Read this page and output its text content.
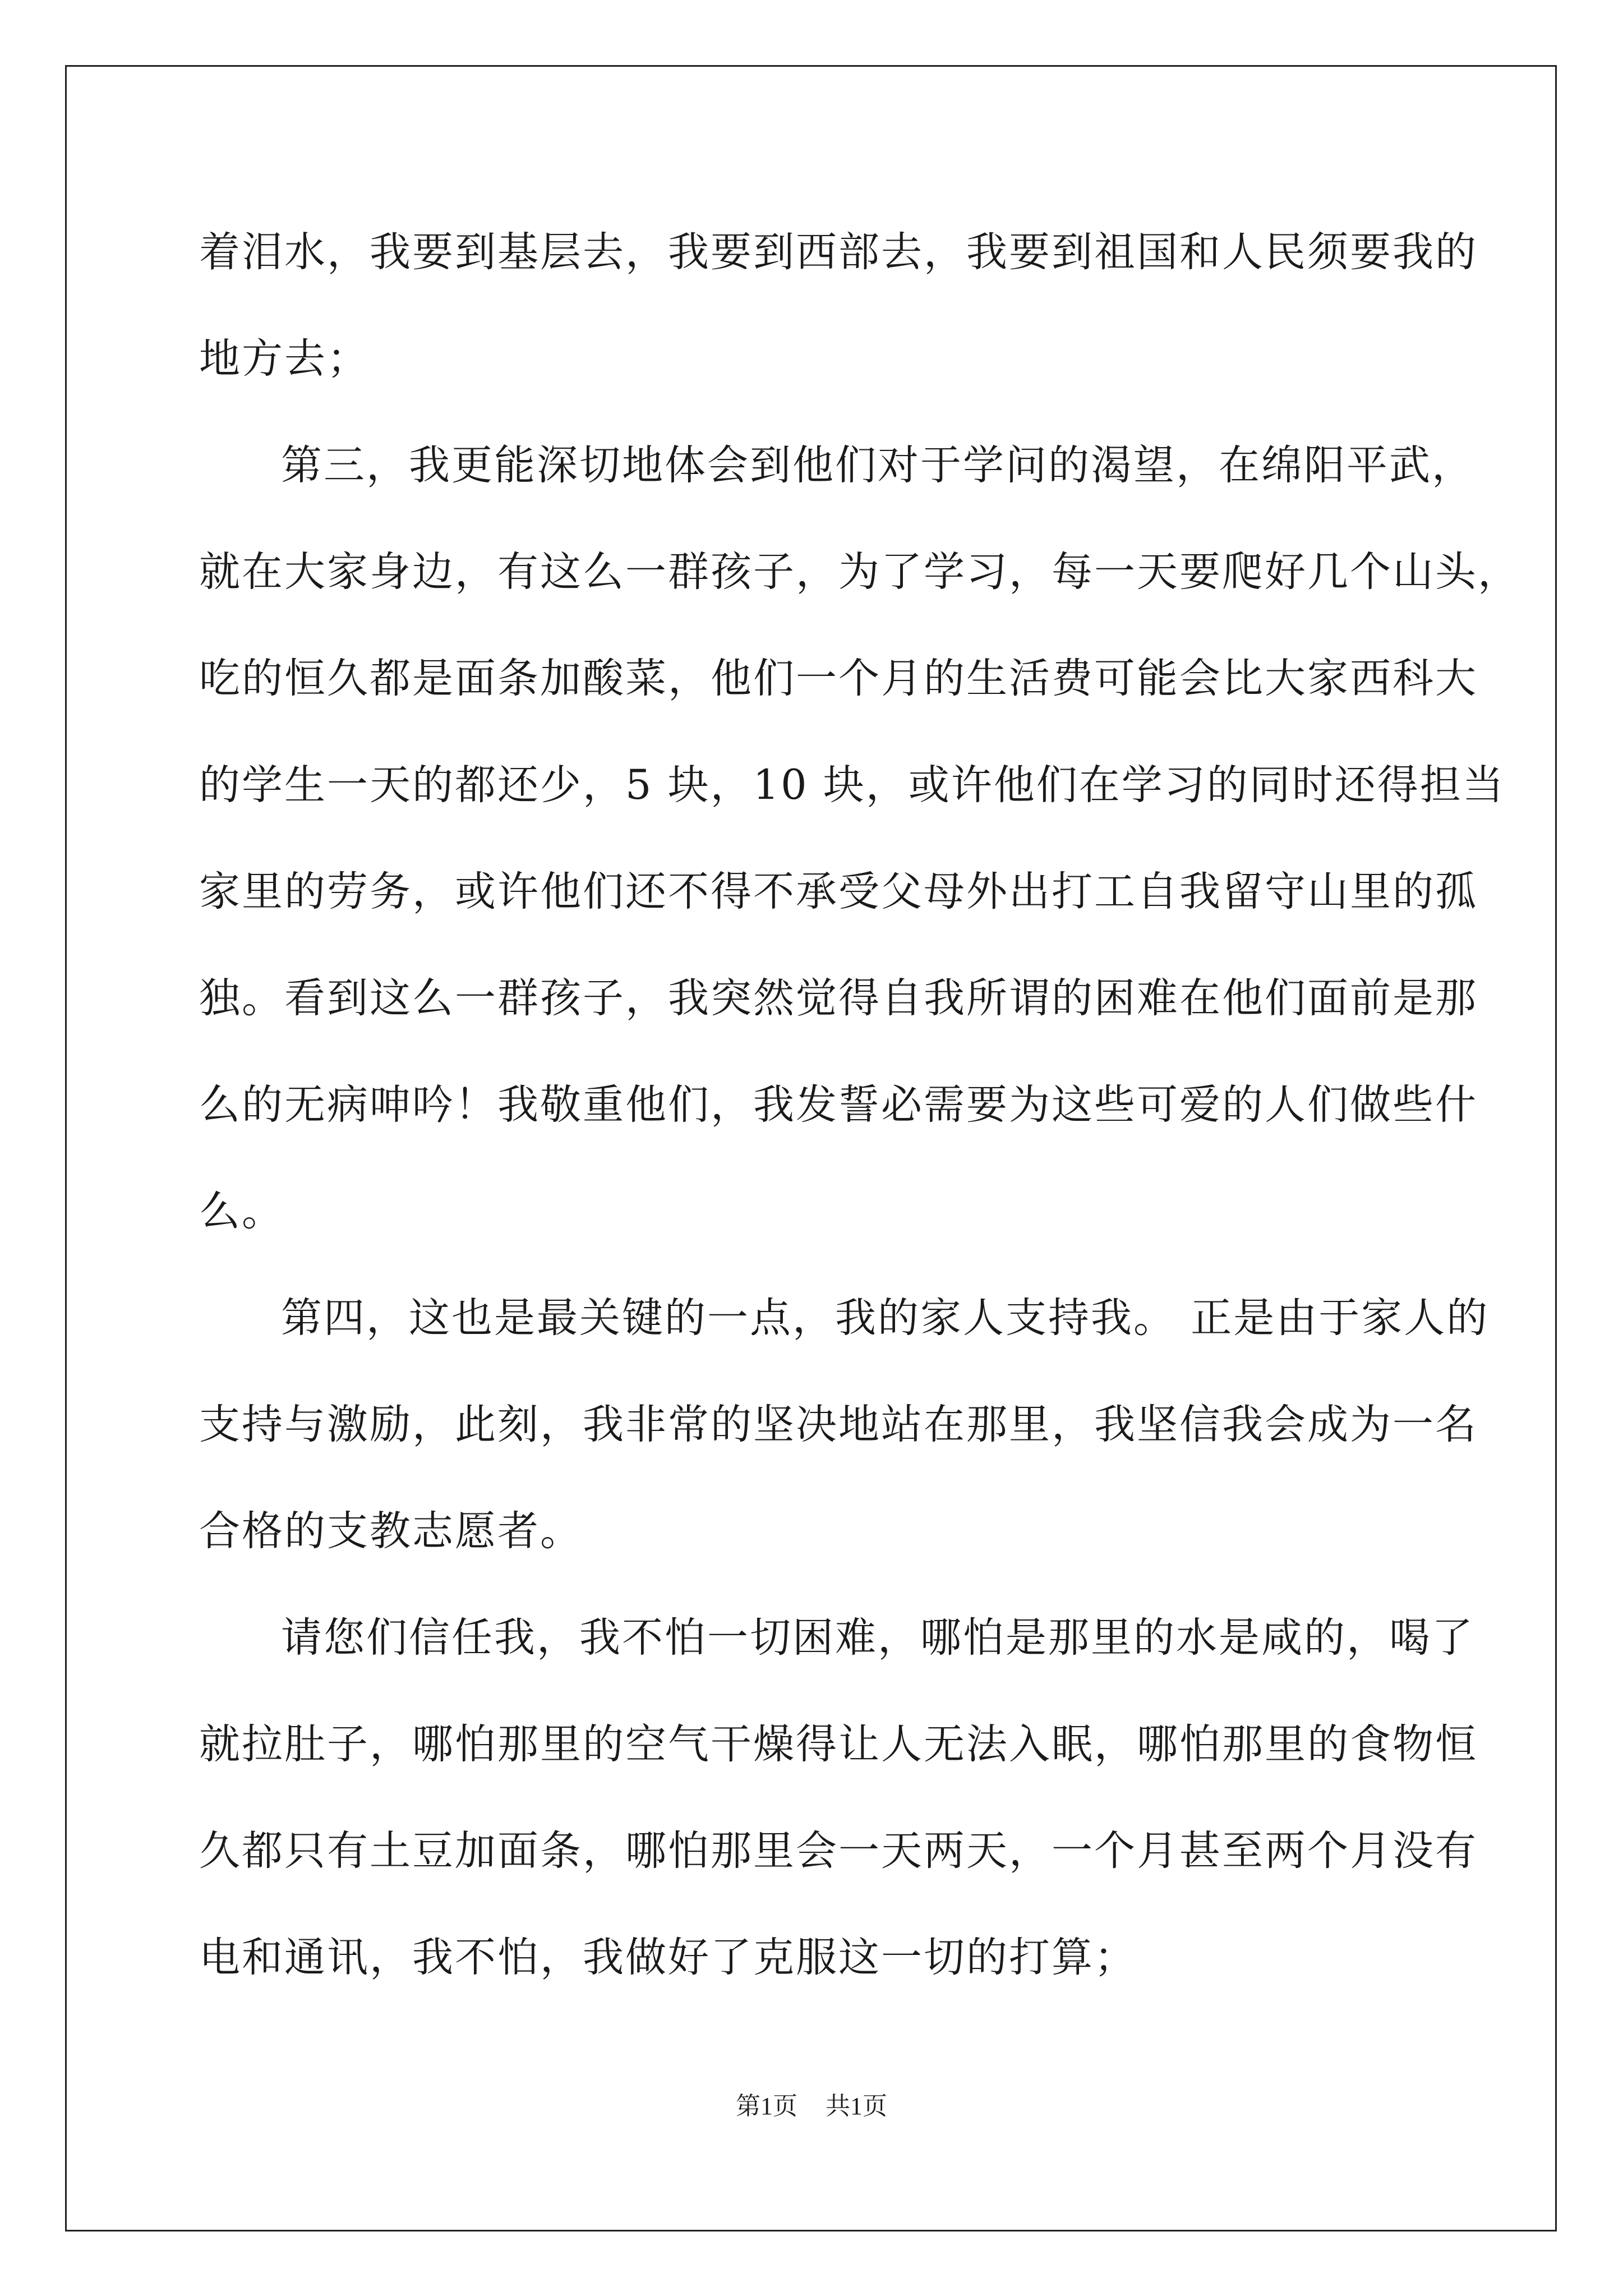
着泪水，我要到基层去，我要到西部去，我要到祖国和人民须要我的
地方去；
第三，我更能深切地体会到他们对于学问的渴望，在绵阳平武，
就在大家身边，有这么一群孩子，为了学习，每一天要爬好几个山头，
吃的恒久都是面条加酸菜，他们一个月的生活费可能会比大家西科大
的学生一天的都还少，5 块，10 块，或许他们在学习的同时还得担当
家里的劳务，或许他们还不得不承受父母外出打工自我留守山里的孤
独。看到这么一群孩子，我突然觉得自我所谓的困难在他们面前是那
么的无病呻吟！我敬重他们，我发誓必需要为这些可爱的人们做些什
么。
第四，这也是最关键的一点，我的家人支持我。 正是由于家人的
支持与激励，此刻，我非常的坚决地站在那里，我坚信我会成为一名
合格的支教志愿者。
请您们信任我，我不怕一切困难，哪怕是那里的水是咸的，喝了
就拉肚子，哪怕那里的空气干燥得让人无法入眠，哪怕那里的食物恒
久都只有土豆加面条，哪怕那里会一天两天，一个月甚至两个月没有
电和通讯，我不怕，我做好了克服这一切的打算；
第1页 共1页
